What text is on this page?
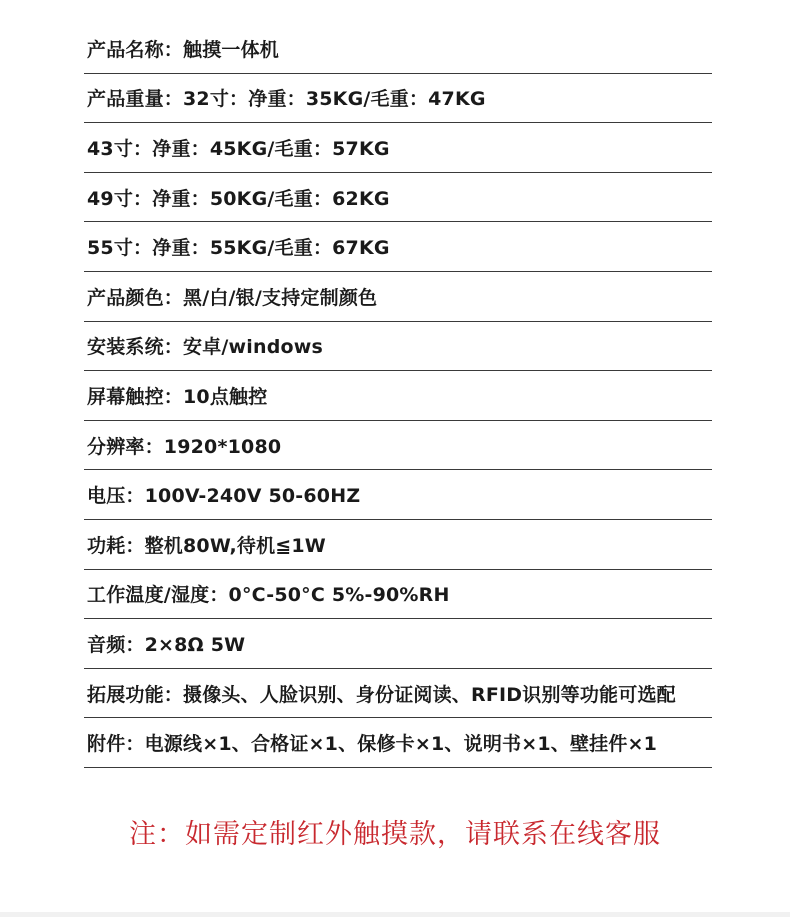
产品名称：触摸一体机
产品重量：32寸：净重：35KG/毛重：47KG
43寸：净重：45KG/毛重：57KG
49寸：净重：50KG/毛重：62KG
55寸：净重：55KG/毛重：67KG
产品颜色：黑/白/银/支持定制颜色
安装系统：安卓/windows
屏幕触控：10点触控
分辨率：1920*1080
电压：100V-240V 50-60HZ
功耗：整机80W,待机≦1W
工作温度/湿度：0°C-50°C 5%-90%RH
音频：2×8Ω 5W
拓展功能：摄像头、人脸识别、身份证阅读、RFID识别等功能可选配
附件：电源线×1、合格证×1、保修卡×1、说明书×1、壁挂件×1
注：如需定制红外触摸款，请联系在线客服
